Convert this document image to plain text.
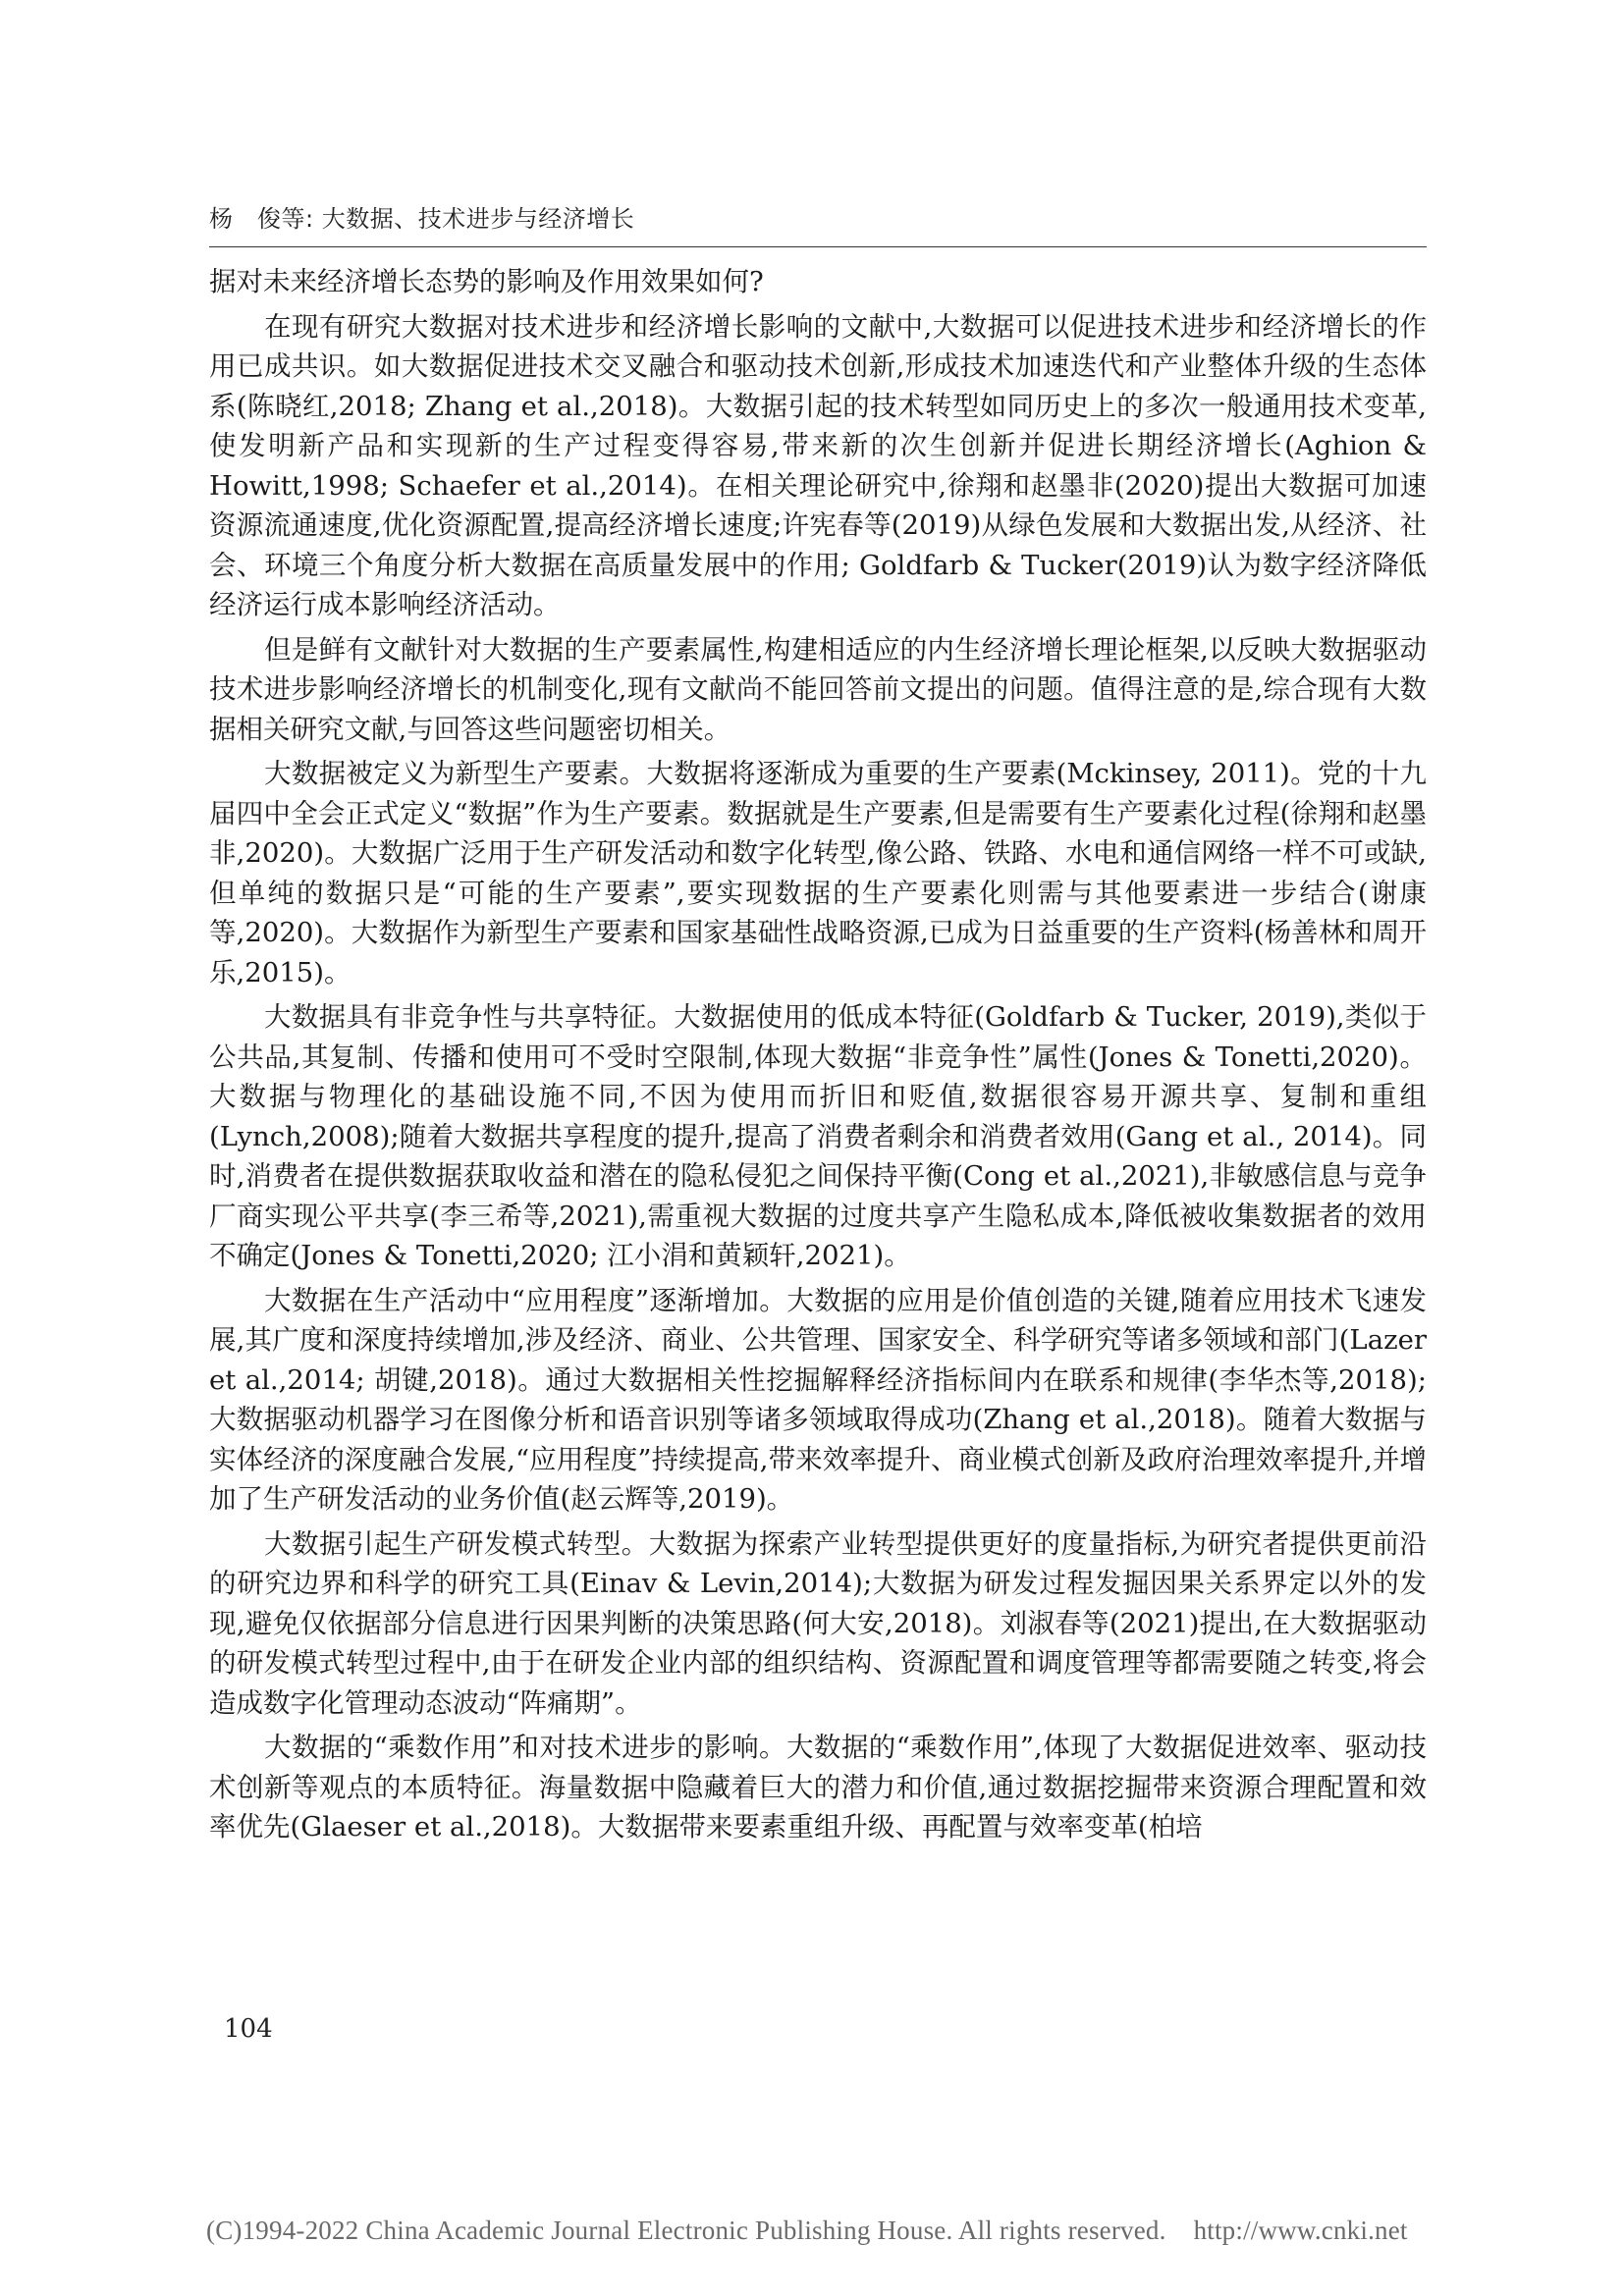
杨　俊等: 大数据、技术进步与经济增长

据对未来经济增长态势的影响及作用效果如何?

在现有研究大数据对技术进步和经济增长影响的文献中,大数据可以促进技术进步和经济增长的作用已成共识。如大数据促进技术交叉融合和驱动技术创新,形成技术加速迭代和产业整体升级的生态体系(陈晓红,2018; Zhang et al.,2018)。大数据引起的技术转型如同历史上的多次一般通用技术变革,使发明新产品和实现新的生产过程变得容易,带来新的次生创新并促进长期经济增长(Aghion & Howitt,1998; Schaefer et al.,2014)。在相关理论研究中,徐翔和赵墨非(2020)提出大数据可加速资源流通速度,优化资源配置,提高经济增长速度;许宪春等(2019)从绿色发展和大数据出发,从经济、社会、环境三个角度分析大数据在高质量发展中的作用; Goldfarb & Tucker(2019)认为数字经济降低经济运行成本影响经济活动。

但是鲜有文献针对大数据的生产要素属性,构建相适应的内生经济增长理论框架,以反映大数据驱动技术进步影响经济增长的机制变化,现有文献尚不能回答前文提出的问题。值得注意的是,综合现有大数据相关研究文献,与回答这些问题密切相关。

大数据被定义为新型生产要素。大数据将逐渐成为重要的生产要素(Mckinsey, 2011)。党的十九届四中全会正式定义“数据”作为生产要素。数据就是生产要素,但是需要有生产要素化过程(徐翔和赵墨非,2020)。大数据广泛用于生产研发活动和数字化转型,像公路、铁路、水电和通信网络一样不可或缺,但单纯的数据只是“可能的生产要素”,要实现数据的生产要素化则需与其他要素进一步结合(谢康等,2020)。大数据作为新型生产要素和国家基础性战略资源,已成为日益重要的生产资料(杨善林和周开乐,2015)。

大数据具有非竞争性与共享特征。大数据使用的低成本特征(Goldfarb & Tucker, 2019),类似于公共品,其复制、传播和使用可不受时空限制,体现大数据“非竞争性”属性(Jones & Tonetti,2020)。大数据与物理化的基础设施不同,不因为使用而折旧和贬值,数据很容易开源共享、复制和重组(Lynch,2008);随着大数据共享程度的提升,提高了消费者剩余和消费者效用(Gang et al., 2014)。同时,消费者在提供数据获取收益和潜在的隐私侵犯之间保持平衡(Cong et al.,2021),非敏感信息与竞争厂商实现公平共享(李三希等,2021),需重视大数据的过度共享产生隐私成本,降低被收集数据者的效用不确定(Jones & Tonetti,2020; 江小涓和黄颖轩,2021)。

大数据在生产活动中“应用程度”逐渐增加。大数据的应用是价值创造的关键,随着应用技术飞速发展,其广度和深度持续增加,涉及经济、商业、公共管理、国家安全、科学研究等诸多领域和部门(Lazer et al.,2014; 胡键,2018)。通过大数据相关性挖掘解释经济指标间内在联系和规律(李华杰等,2018);大数据驱动机器学习在图像分析和语音识别等诸多领域取得成功(Zhang et al.,2018)。随着大数据与实体经济的深度融合发展,“应用程度”持续提高,带来效率提升、商业模式创新及政府治理效率提升,并增加了生产研发活动的业务价值(赵云辉等,2019)。

大数据引起生产研发模式转型。大数据为探索产业转型提供更好的度量指标,为研究者提供更前沿的研究边界和科学的研究工具(Einav & Levin,2014);大数据为研发过程发掘因果关系界定以外的发现,避免仅依据部分信息进行因果判断的决策思路(何大安,2018)。刘淑春等(2021)提出,在大数据驱动的研发模式转型过程中,由于在研发企业内部的组织结构、资源配置和调度管理等都需要随之转变,将会造成数字化管理动态波动“阵痛期”。

大数据的“乘数作用”和对技术进步的影响。大数据的“乘数作用”,体现了大数据促进效率、驱动技术创新等观点的本质特征。海量数据中隐藏着巨大的潜力和价值,通过数据挖掘带来资源合理配置和效率优先(Glaeser et al.,2018)。大数据带来要素重组升级、再配置与效率变革(柏培

104
(C)1994-2022 China Academic Journal Electronic Publishing House. All rights reserved. http://www.cnki.net
